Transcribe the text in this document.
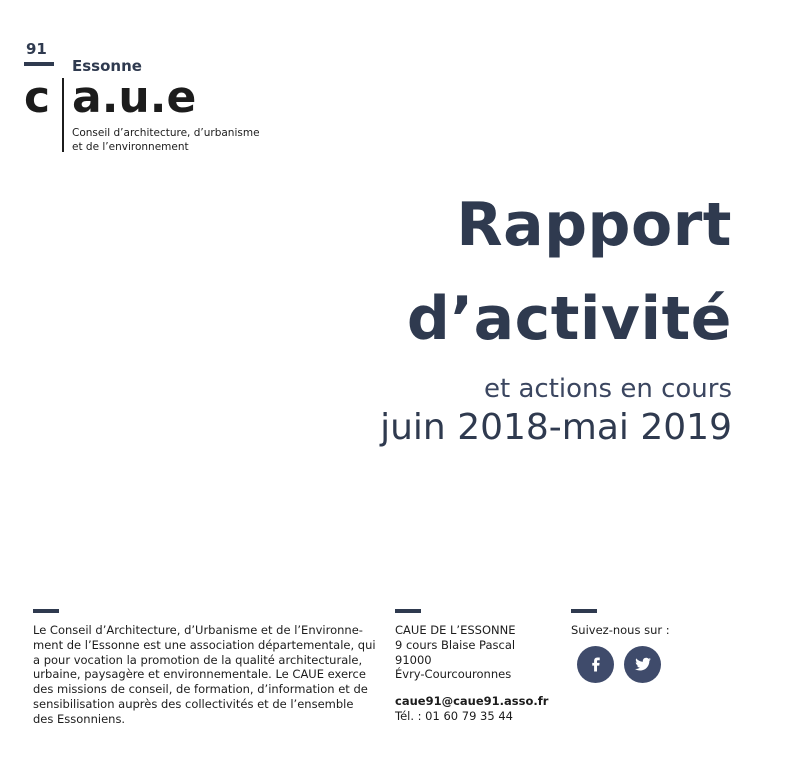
91
Essonne
c a.u.e
Conseil d’architecture, d’urbanisme
et de l’environnement
Rapport
d’activité
et actions en cours
juin 2018-mai 2019
Le Conseil d’Architecture, d’Urbanisme et de l’Environne-
ment de l’Essonne est une association départementale, qui
a pour vocation la promotion de la qualité architecturale,
urbaine, paysagère et environnementale. Le CAUE exerce
des missions de conseil, de formation, d’information et de
sensibilisation auprès des collectivités et de l’ensemble
des Essonniens.
CAUE DE L’ESSONNE
9 cours Blaise Pascal
91000
Évry-Courcouronnes
caue91@caue91.asso.fr
Tél. : 01 60 79 35 44
Suivez-nous sur :
